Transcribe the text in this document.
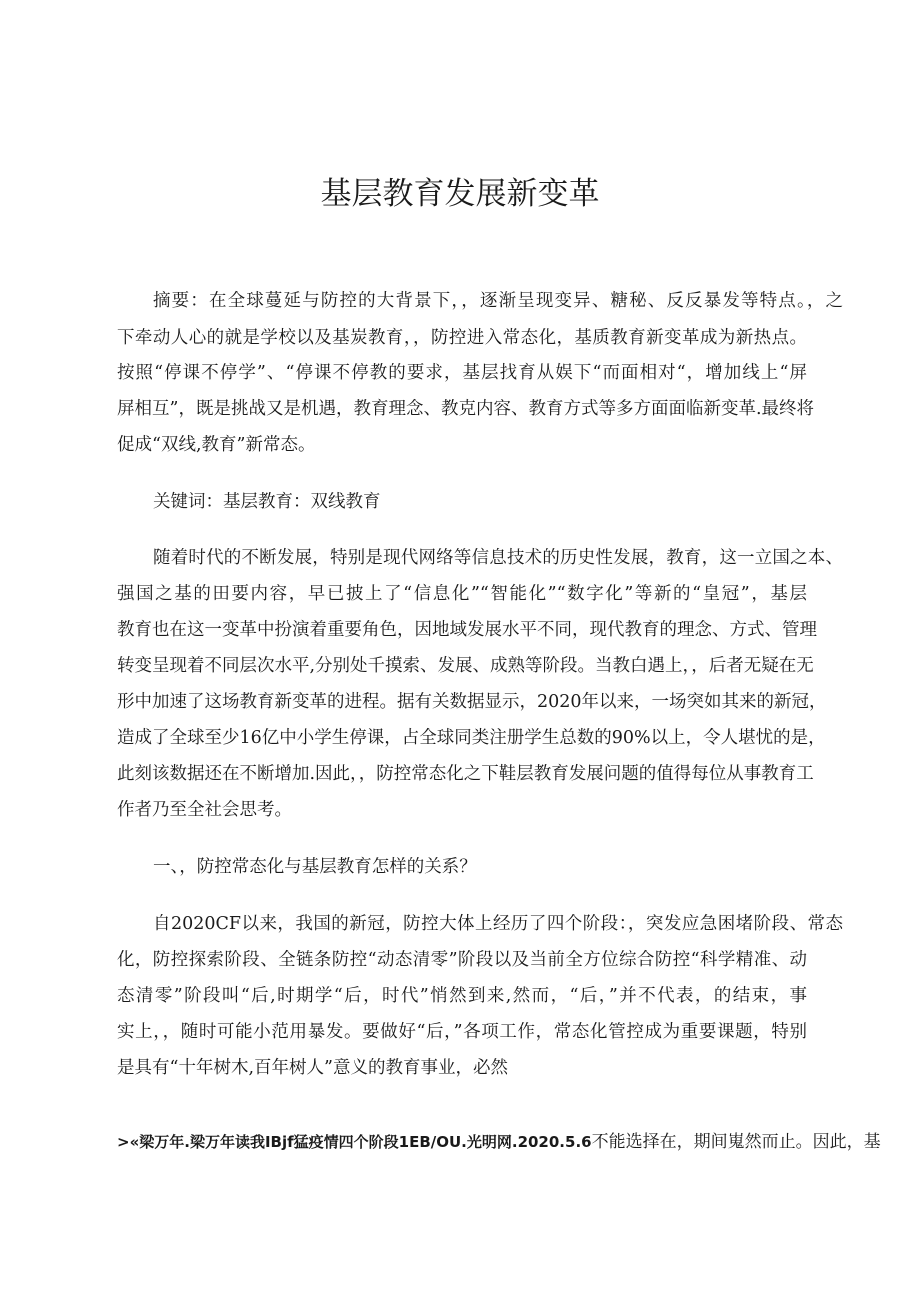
基层教育发展新变革

摘要：在全球蔓延与防控的大背景下，，逐渐呈现变异、糖秘、反反暴发等特点。，之

下牵动人心的就是学校以及基炭教育，，防控进入常态化，基质教育新变革成为新热点。

按照“停课不停学”、“停课不停教的要求，基层找育从娱下“而面相对“，增加线上“屏

屏相互”，既是挑战又是机遇，教育理念、教克内容、教育方式等多方面面临新变革.最终将

促成“双线,教育”新常态。

关键词：基层教育：双线教育

随着时代的不断发展，特别是现代网络等信息技术的历史性发展，教育，这一立国之本、

强国之基的田要内容，早已披上了“信息化”“智能化”“数字化”等新的“皇冠”，基层

教育也在这一变革中扮演着重要角色，因地域发展水平不同，现代教育的理念、方式、管理

转变呈现着不同层次水平,分别处千摸索、发展、成熟等阶段。当教白遇上，，后者无疑在无

形中加速了这场教育新变革的进程。据有关数据显示，2020年以来，一场突如其来的新冠，

造成了全球至少16亿中小学生停课，占全球同类注册学生总数的90%以上，令人堪忧的是，

此刻该数据还在不断增加.因此，，防控常态化之下鞋层教育发展问题的值得每位从事教育工

作者乃至全社会思考。

一、，防控常态化与基层教育怎样的关系？

自2020CF以来，我国的新冠，防控大体上经历了四个阶段：，突发应急困堵阶段、常态

化，防控探索阶段、全链条防控“动态清零”阶段以及当前全方位综合防控“科学精准、动

态清零”阶段叫“后,时期学“后，时代”悄然到来,然而，“后，”并不代表，的结束，事

实上，，随时可能小范用暴发。要做好“后，”各项工作，常态化管控成为重要课题，特别

是具有“十年树木,百年树人”意义的教育事业，必然

>«梁万年.梁万年读我IBjf猛疫情四个阶段1EB/OU.光明网.2020.5.6不能选择在，期间嵬然而止。因此，基
